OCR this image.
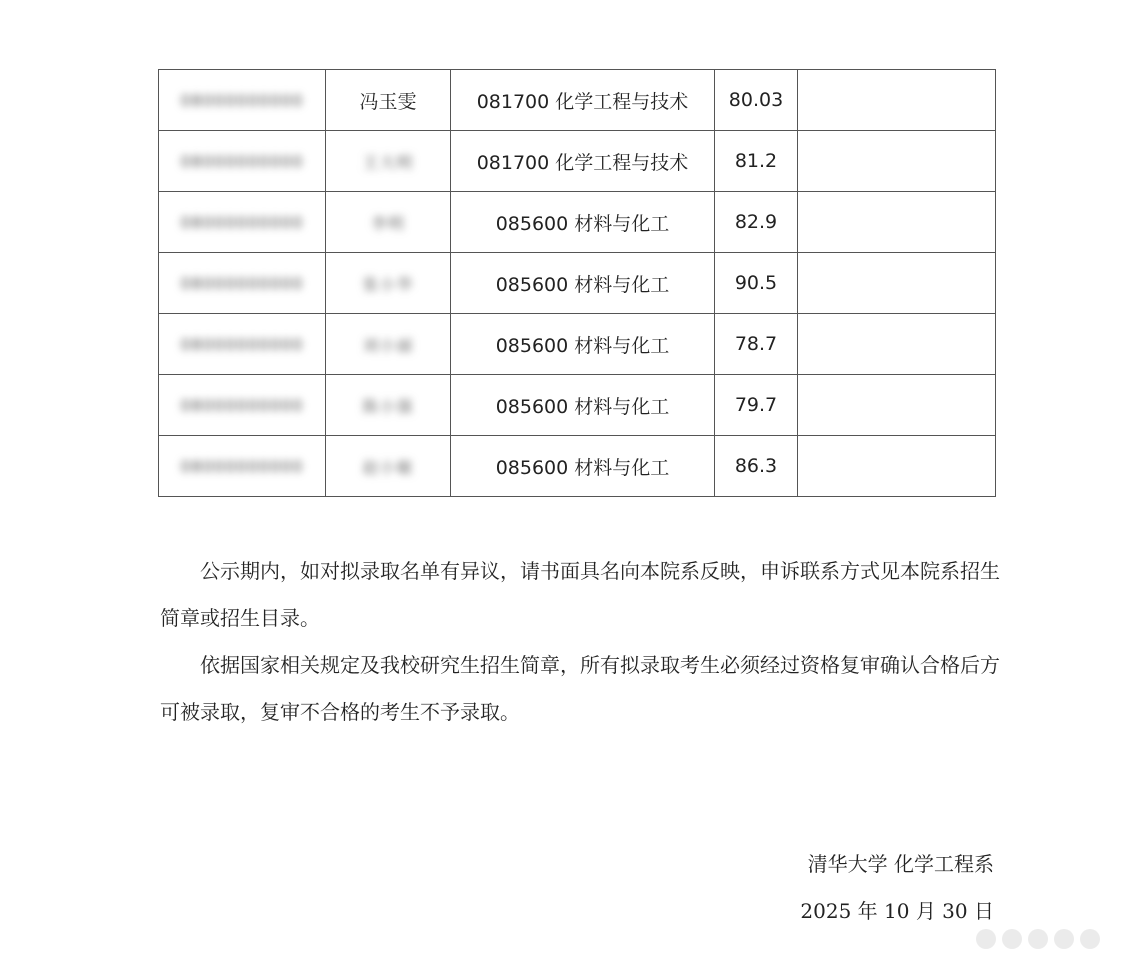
08000000000	冯玉雯	081700 化学工程与技术	80.03	
08000000000	王大明	081700 化学工程与技术	81.2	
08000000000	李明	085600 材料与化工	82.9	
08000000000	张小华	085600 材料与化工	90.5	
08000000000	刘小丽	085600 材料与化工	78.7	
08000000000	陈小强	085600 材料与化工	79.7	
08000000000	赵小敏	085600 材料与化工	86.3	

公示期内，如对拟录取名单有异议，请书面具名向本院系反映，申诉联系方式见本院系招生简章或招生目录。

依据国家相关规定及我校研究生招生简章，所有拟录取考生必须经过资格复审确认合格后方可被录取，复审不合格的考生不予录取。

清华大学 化学工程系
2025 年 10 月 30 日
